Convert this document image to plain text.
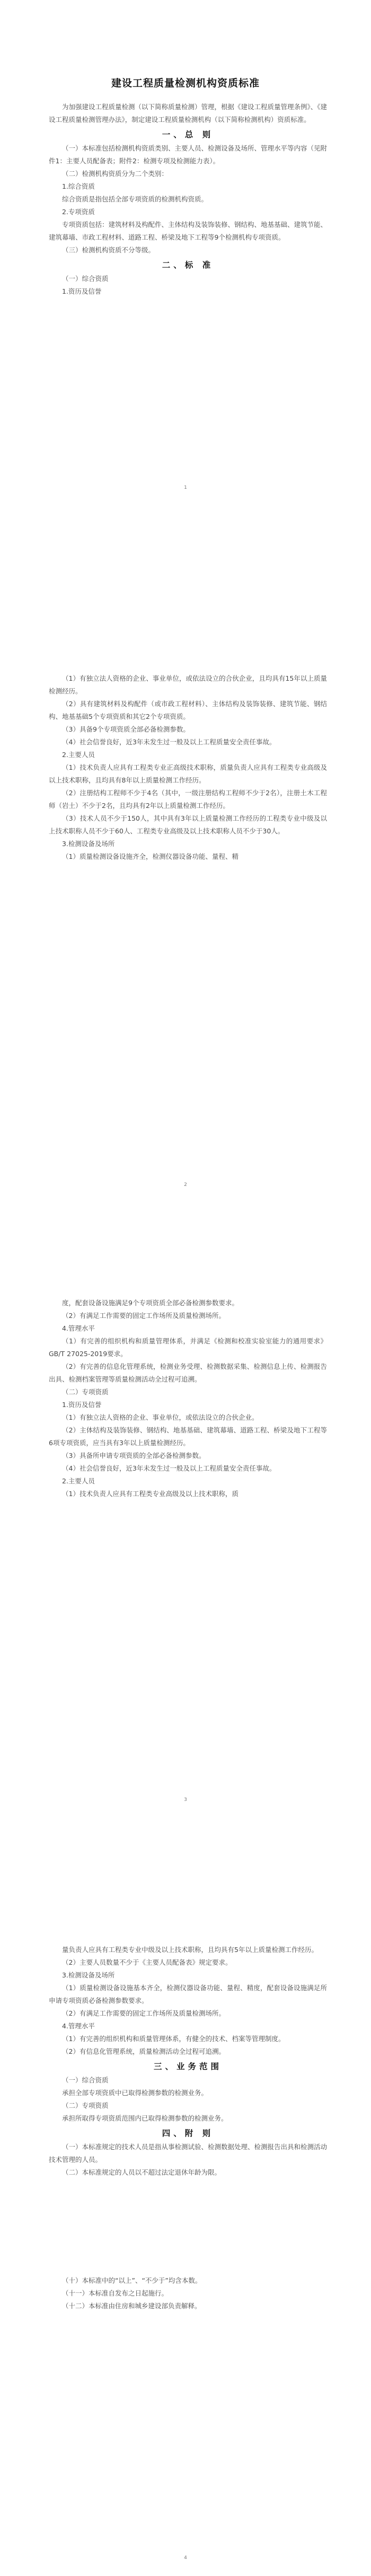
建设工程质量检测机构资质标准

为加强建设工程质量检测（以下简称质量检测）管理，根据《建设工程质量管理条例》、《建设工程质量检测管理办法》，制定建设工程质量检测机构（以下简称检测机构）资质标准。

一、总 则

（一）本标准包括检测机构资质类别、主要人员、检测设备及场所、管理水平等内容（见附件1：主要人员配备表；附件2：检测专项及检测能力表）。

（二）检测机构资质分为二个类别：

1.综合资质

综合资质是指包括全部专项资质的检测机构资质。

2.专项资质

专项资质包括：建筑材料及构配件、主体结构及装饰装修、钢结构、地基基础、建筑节能、建筑幕墙、市政工程材料、道路工程、桥梁及地下工程等9个检测机构专项资质。

（三）检测机构资质不分等级。

二、标 准

（一）综合资质

1.资历及信誉

1

（1）有独立法人资格的企业、事业单位，或依法设立的合伙企业，且均具有15年以上质量检测经历。

（2）具有建筑材料及构配件（或市政工程材料）、主体结构及装饰装修、建筑节能、钢结构、地基基础5个专项资质和其它2个专项资质。

（3）具备9个专项资质全部必备检测参数。

（4）社会信誉良好，近3年未发生过一般及以上工程质量安全责任事故。

2.主要人员

（1）技术负责人应具有工程类专业正高级技术职称，质量负责人应具有工程类专业高级及以上技术职称，且均具有8年以上质量检测工作经历。

（2）注册结构工程师不少于4名（其中，一级注册结构工程师不少于2名），注册土木工程师（岩土）不少于2名，且均具有2年以上质量检测工作经历。

（3）技术人员不少于150人，其中具有3年以上质量检测工作经历的工程类专业中级及以上技术职称人员不少于60人、工程类专业高级及以上技术职称人员不少于30人。

3.检测设备及场所

（1）质量检测设备设施齐全，检测仪器设备功能、量程、精

2

度，配套设备设施满足9个专项资质全部必备检测参数要求。

（2）有满足工作需要的固定工作场所及质量检测场所。

4.管理水平

（1）有完善的组织机构和质量管理体系，并满足《检测和校准实验室能力的通用要求》GB/T 27025-2019要求。

（2）有完善的信息化管理系统，检测业务受理、检测数据采集、检测信息上传、检测报告出具、检测档案管理等质量检测活动全过程可追溯。

（二）专项资质

1.资历及信誉

（1）有独立法人资格的企业、事业单位，或依法设立的合伙企业。

（2）主体结构及装饰装修、钢结构、地基基础、建筑幕墙、道路工程、桥梁及地下工程等6项专项资质，应当具有3年以上质量检测经历。

（3）具备所申请专项资质的全部必备检测参数。

（4）社会信誉良好，近3年未发生过一般及以上工程质量安全责任事故。

2.主要人员

（1）技术负责人应具有工程类专业高级及以上技术职称，质

3

量负责人应具有工程类专业中级及以上技术职称，且均具有5年以上质量检测工作经历。

（2）主要人员数量不少于《主要人员配备表》规定要求。

3.检测设备及场所

（1）质量检测设备设施基本齐全，检测仪器设备功能、量程、精度，配套设备设施满足所申请专项资质必备检测参数要求。

（2）有满足工作需要的固定工作场所及质量检测场所。

4.管理水平

（1）有完善的组织机构和质量管理体系，有健全的技术、档案等管理制度。

（2）有信息化管理系统，质量检测活动全过程可追溯。

三、业务范围

（一）综合资质

承担全部专项资质中已取得检测参数的检测业务。

（二）专项资质

承担所取得专项资质范围内已取得检测参数的检测业务。

四、附 则

（一）本标准规定的技术人员是指从事检测试验、检测数据处理、检测报告出具和检测活动技术管理的人员。

（二）本标准规定的人员以不超过法定退休年龄为限。

（十）本标准中的“以上”、“不少于”均含本数。

（十一）本标准自发布之日起施行。

（十二）本标准由住房和城乡建设部负责解释。

4
